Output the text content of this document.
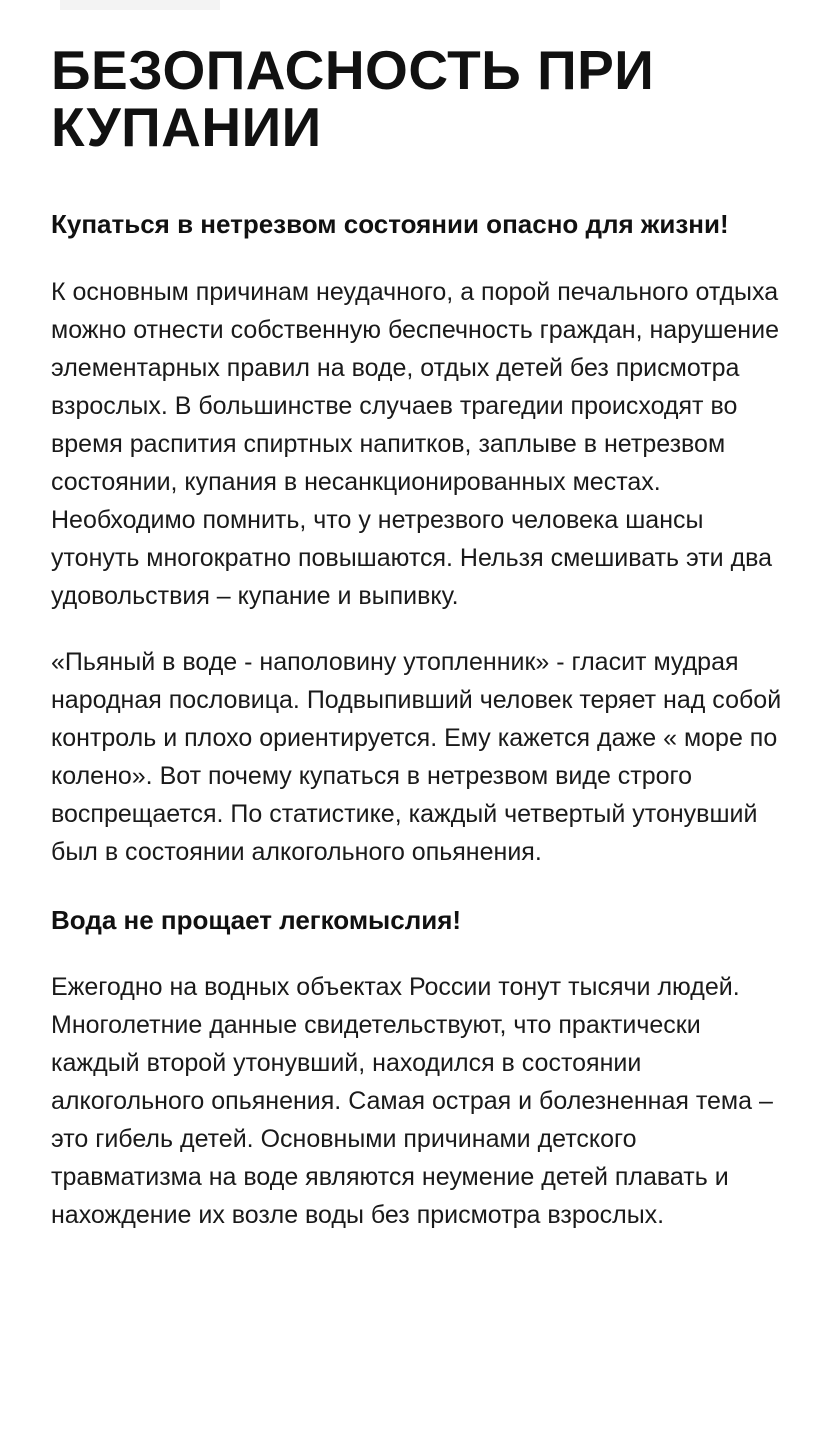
БЕЗОПАСНОСТЬ ПРИ КУПАНИИ
Купаться в нетрезвом состоянии опасно для жизни!

К основным причинам неудачного, а порой печального отдыха можно отнести собственную беспечность граждан, нарушение элементарных правил на воде, отдых детей без присмотра взрослых. В большинстве случаев трагедии происходят во время распития спиртных напитков, заплыве в нетрезвом состоянии, купания в несанкционированных местах. Необходимо помнить, что у нетрезвого человека шансы утонуть многократно повышаются. Нельзя смешивать эти два удовольствия – купание и выпивку.

«Пьяный в воде - наполовину утопленник» - гласит мудрая народная пословица. Подвыпивший человек теряет над собой контроль и плохо ориентируется. Ему кажется даже « море по колено». Вот почему купаться в нетрезвом виде строго воспрещается. По статистике, каждый четвертый утонувший был в состоянии алкогольного опьянения.

Вода не прощает легкомыслия!

Ежегодно на водных объектах России тонут тысячи людей. Многолетние данные свидетельствуют, что практически каждый второй утонувший, находился в состоянии алкогольного опьянения. Самая острая и болезненная тема – это гибель детей. Основными причинами детского травматизма на воде являются неумение детей плавать и нахождение их возле воды без присмотра взрослых.
